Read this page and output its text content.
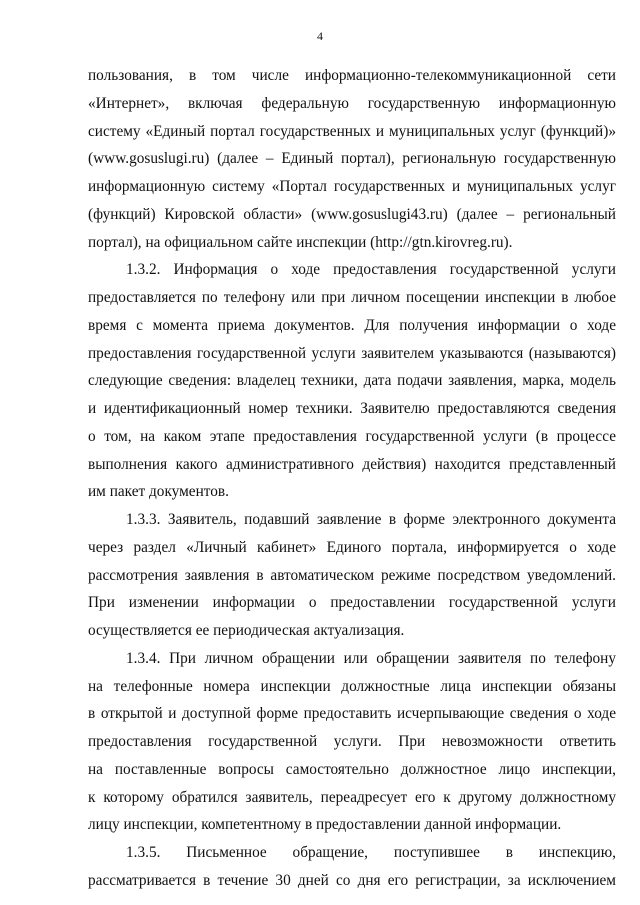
4
пользования, в том числе информационно-телекоммуникационной сети
«Интернет», включая федеральную государственную информационную
систему «Единый портал государственных и муниципальных услуг (функций)»
(www.gosuslugi.ru) (далее – Единый портал), региональную государственную
информационную систему «Портал государственных и муниципальных услуг
(функций) Кировской области» (www.gosuslugi43.ru) (далее – региональный
портал), на официальном сайте инспекции (http://gtn.kirovreg.ru).
1.3.2. Информация о ходе предоставления государственной услуги
предоставляется по телефону или при личном посещении инспекции в любое
время с момента приема документов. Для получения информации о ходе
предоставления государственной услуги заявителем указываются (называются)
следующие сведения: владелец техники, дата подачи заявления, марка, модель
и идентификационный номер техники. Заявителю предоставляются сведения
о том, на каком этапе предоставления государственной услуги (в процессе
выполнения какого административного действия) находится представленный
им пакет документов.
1.3.3. Заявитель, подавший заявление в форме электронного документа
через раздел «Личный кабинет» Единого портала, информируется о ходе
рассмотрения заявления в автоматическом режиме посредством уведомлений.
При изменении информации о предоставлении государственной услуги
осуществляется ее периодическая актуализация.
1.3.4. При личном обращении или обращении заявителя по телефону
на телефонные номера инспекции должностные лица инспекции обязаны
в открытой и доступной форме предоставить исчерпывающие сведения о ходе
предоставления государственной услуги. При невозможности ответить
на поставленные вопросы самостоятельно должностное лицо инспекции,
к которому обратился заявитель, переадресует его к другому должностному
лицу инспекции, компетентному в предоставлении данной информации.
1.3.5. Письменное обращение, поступившее в инспекцию,
рассматривается в течение 30 дней со дня его регистрации, за исключением
